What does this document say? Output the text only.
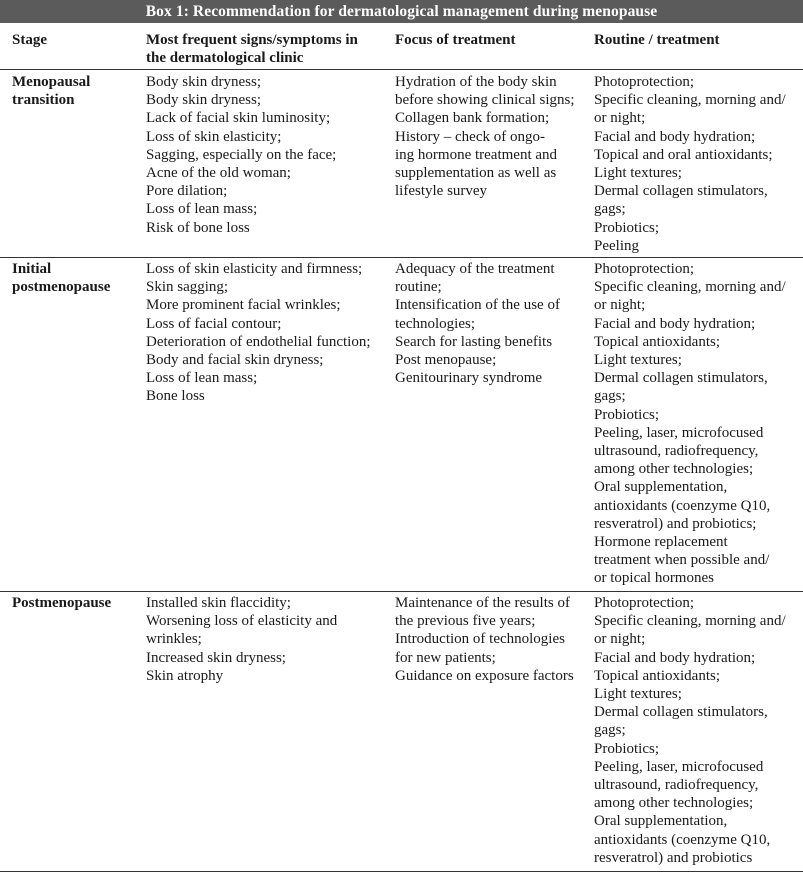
Box 1: Recommendation for dermatological management during menopause
Stage	Most frequent signs/symptoms in
the dermatological clinic
Focus of treatment	Routine / treatment
Menopausal
transition
Body skin dryness;
Body skin dryness;
Lack of facial skin luminosity;
Loss of skin elasticity;
Sagging, especially on the face;
Acne of the old woman;
Pore dilation;
Loss of lean mass;
Risk of bone loss
Hydration of the body skin
before showing clinical signs;
Collagen bank formation;
History – check of ongo-
ing hormone treatment and
supplementation as well as
lifestyle survey
Photoprotection;
Specific cleaning, morning and/
or night;
Facial and body hydration;
Topical and oral antioxidants;
Light textures;
Dermal collagen stimulators,
gags;
Probiotics;
Peeling
Initial
postmenopause
Loss of skin elasticity and firmness;
Skin sagging;
More prominent facial wrinkles;
Loss of facial contour;
Deterioration of endothelial function;
Body and facial skin dryness;
Loss of lean mass;
Bone loss
Adequacy of the treatment
routine;
Intensification of the use of
technologies;
Search for lasting benefits
Post menopause;
Genitourinary syndrome
Photoprotection;
Specific cleaning, morning and/
or night;
Facial and body hydration;
Topical antioxidants;
Light textures;
Dermal collagen stimulators,
gags;
Probiotics;
Peeling, laser, microfocused
ultrasound, radiofrequency,
among other technologies;
Oral supplementation,
antioxidants (coenzyme Q10,
resveratrol) and probiotics;
Hormone replacement
treatment when possible and/
or topical hormones
Postmenopause Installed skin flaccidity;
Worsening loss of elasticity and
wrinkles;
Increased skin dryness;
Skin atrophy
Maintenance of the results of
the previous five years;
Introduction of technologies
for new patients;
Guidance on exposure factors
Photoprotection;
Specific cleaning, morning and/
or night;
Facial and body hydration;
Topical antioxidants;
Light textures;
Dermal collagen stimulators,
gags;
Probiotics;
Peeling, laser, microfocused
ultrasound, radiofrequency,
among other technologies;
Oral supplementation,
antioxidants (coenzyme Q10,
resveratrol) and probiotics
